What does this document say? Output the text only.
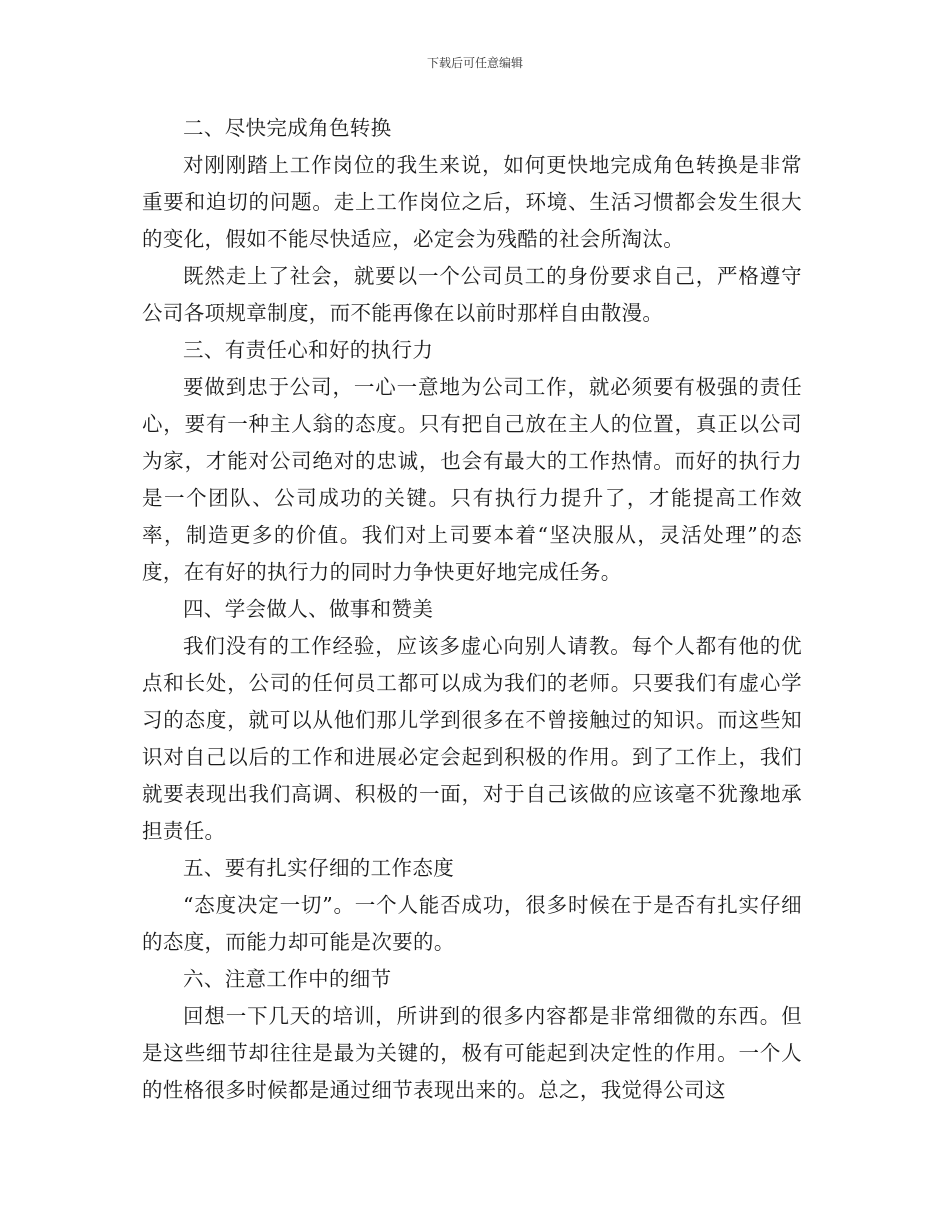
下载后可任意编辑

二、尽快完成角色转换

对刚刚踏上工作岗位的我生来说，如何更快地完成角色转换是非常重要和迫切的问题。走上工作岗位之后，环境、生活习惯都会发生很大的变化，假如不能尽快适应，必定会为残酷的社会所淘汰。

既然走上了社会，就要以一个公司员工的身份要求自己，严格遵守公司各项规章制度，而不能再像在以前时那样自由散漫。

三、有责任心和好的执行力

要做到忠于公司，一心一意地为公司工作，就必须要有极强的责任心，要有一种主人翁的态度。只有把自己放在主人的位置，真正以公司为家，才能对公司绝对的忠诚，也会有最大的工作热情。而好的执行力是一个团队、公司成功的关键。只有执行力提升了，才能提高工作效率，制造更多的价值。我们对上司要本着“坚决服从，灵活处理”的态度，在有好的执行力的同时力争快更好地完成任务。

四、学会做人、做事和赞美

我们没有的工作经验，应该多虚心向别人请教。每个人都有他的优点和长处，公司的任何员工都可以成为我们的老师。只要我们有虚心学习的态度，就可以从他们那儿学到很多在不曾接触过的知识。而这些知识对自己以后的工作和进展必定会起到积极的作用。到了工作上，我们就要表现出我们高调、积极的一面，对于自己该做的应该毫不犹豫地承担责任。

五、要有扎实仔细的工作态度

“态度决定一切”。一个人能否成功，很多时候在于是否有扎实仔细的态度，而能力却可能是次要的。

六、注意工作中的细节

回想一下几天的培训，所讲到的很多内容都是非常细微的东西。但是这些细节却往往是最为关键的，极有可能起到决定性的作用。一个人的性格很多时候都是通过细节表现出来的。总之，我觉得公司这
